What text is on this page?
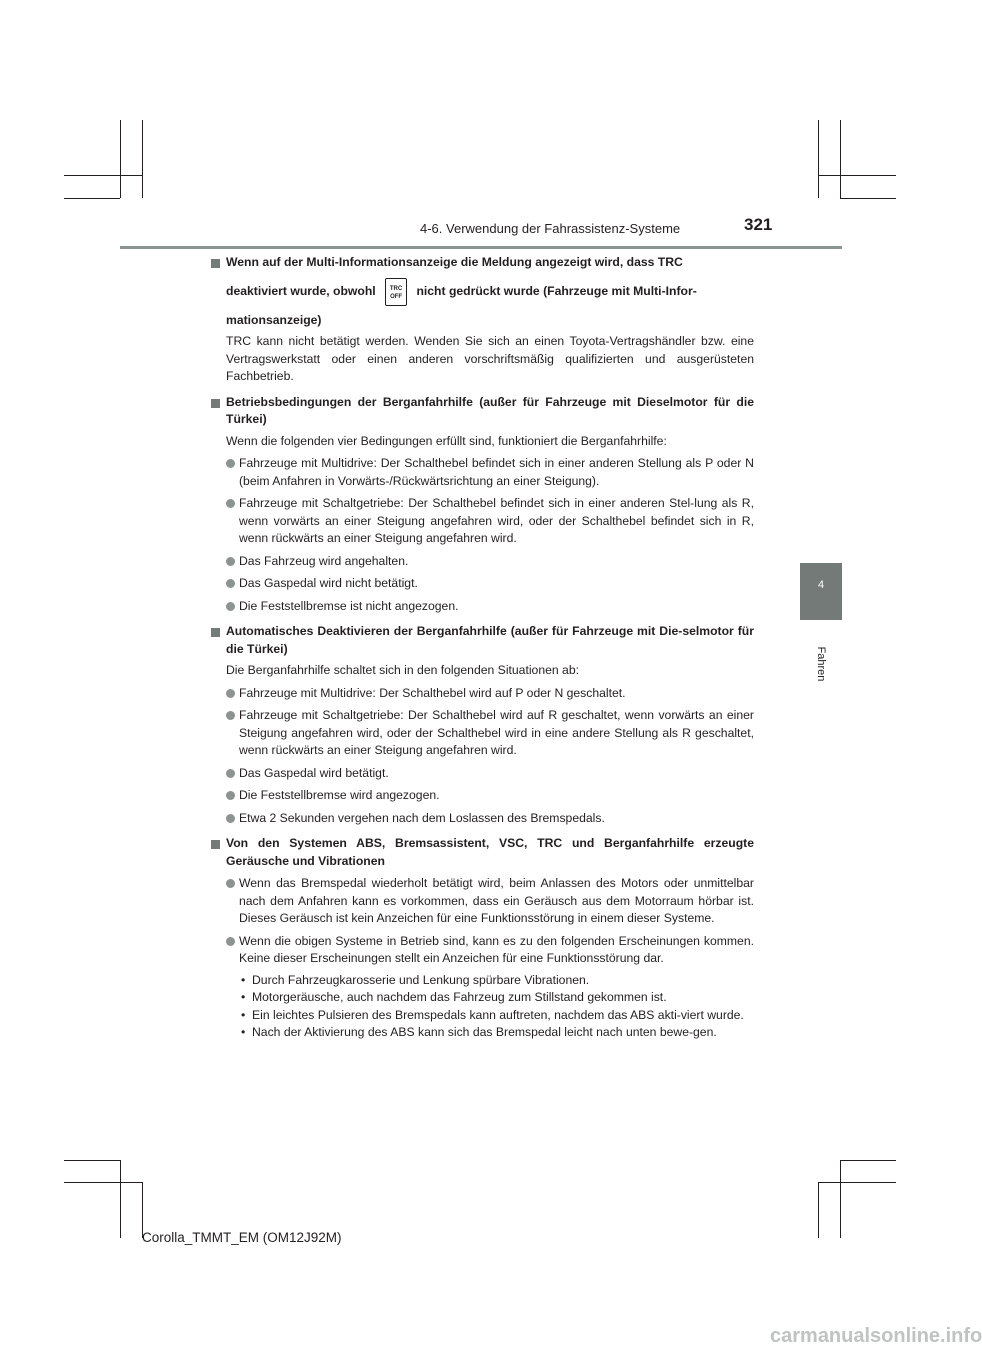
4-6. Verwendung der Fahrassistenz-Systeme	321
4
Fahren
Wenn auf der Multi-Informationsanzeige die Meldung angezeigt wird, dass TRC

deaktiviert wurde, obwohl TRC OFF nicht gedrückt wurde (Fahrzeuge mit Multi-Infor-
mationsanzeige)
TRC kann nicht betätigt werden. Wenden Sie sich an einen Toyota-Vertragshändler bzw. eine Vertragswerkstatt oder einen anderen vorschriftsmäßig qualifizierten und ausgerüsteten Fachbetrieb.
Betriebsbedingungen der Berganfahrhilfe (außer für Fahrzeuge mit Dieselmotor für die Türkei)
Wenn die folgenden vier Bedingungen erfüllt sind, funktioniert die Berganfahrhilfe:
Fahrzeuge mit Multidrive: Der Schalthebel befindet sich in einer anderen Stellung als P oder N (beim Anfahren in Vorwärts-/Rückwärtsrichtung an einer Steigung).
Fahrzeuge mit Schaltgetriebe: Der Schalthebel befindet sich in einer anderen Stel-lung als R, wenn vorwärts an einer Steigung angefahren wird, oder der Schalthebel befindet sich in R, wenn rückwärts an einer Steigung angefahren wird.
Das Fahrzeug wird angehalten.
Das Gaspedal wird nicht betätigt.
Die Feststellbremse ist nicht angezogen.
Automatisches Deaktivieren der Berganfahrhilfe (außer für Fahrzeuge mit Die-selmotor für die Türkei)
Die Berganfahrhilfe schaltet sich in den folgenden Situationen ab:
Fahrzeuge mit Multidrive: Der Schalthebel wird auf P oder N geschaltet.
Fahrzeuge mit Schaltgetriebe: Der Schalthebel wird auf R geschaltet, wenn vorwärts an einer Steigung angefahren wird, oder der Schalthebel wird in eine andere Stellung als R geschaltet, wenn rückwärts an einer Steigung angefahren wird.
Das Gaspedal wird betätigt.
Die Feststellbremse wird angezogen.
Etwa 2 Sekunden vergehen nach dem Loslassen des Bremspedals.
Von den Systemen ABS, Bremsassistent, VSC, TRC und Berganfahrhilfe erzeugte Geräusche und Vibrationen
Wenn das Bremspedal wiederholt betätigt wird, beim Anlassen des Motors oder unmittelbar nach dem Anfahren kann es vorkommen, dass ein Geräusch aus dem Motorraum hörbar ist. Dieses Geräusch ist kein Anzeichen für eine Funktionsstörung in einem dieser Systeme.
Wenn die obigen Systeme in Betrieb sind, kann es zu den folgenden Erscheinungen kommen. Keine dieser Erscheinungen stellt ein Anzeichen für eine Funktionsstörung dar.
• Durch Fahrzeugkarosserie und Lenkung spürbare Vibrationen.
• Motorgeräusche, auch nachdem das Fahrzeug zum Stillstand gekommen ist.
• Ein leichtes Pulsieren des Bremspedals kann auftreten, nachdem das ABS akti-viert wurde.
• Nach der Aktivierung des ABS kann sich das Bremspedal leicht nach unten bewe-gen.
Corolla_TMMT_EM (OM12J92M)
carmanualsonline.info
